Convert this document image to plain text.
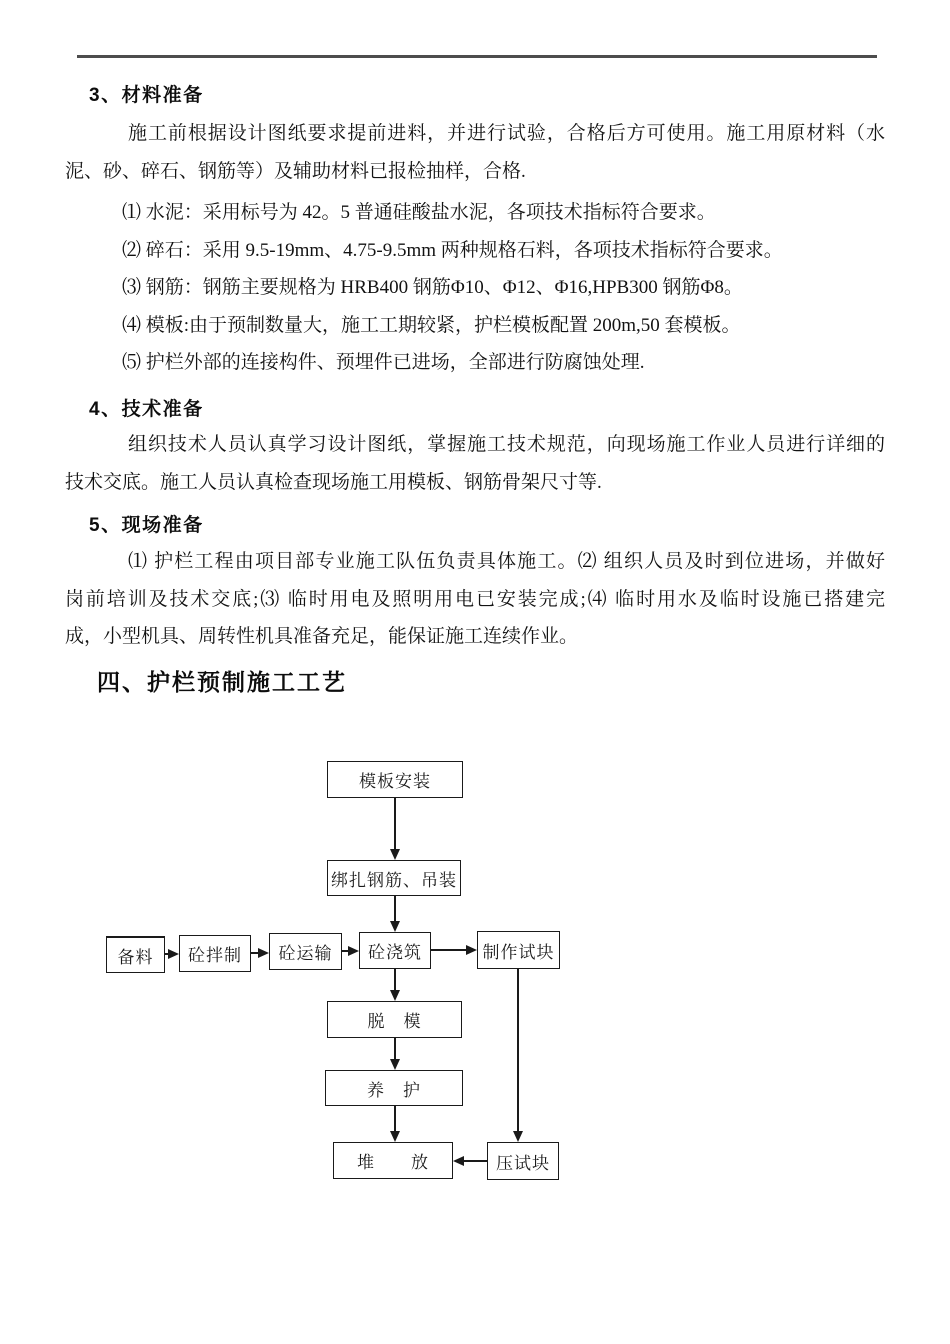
3、材料准备
施工前根据设计图纸要求提前进料，并进行试验，合格后方可使用。施工用原材料（水
泥、砂、碎石、钢筋等）及辅助材料已报检抽样，合格.
⑴ 水泥：采用标号为 42。5 普通硅酸盐水泥，各项技术指标符合要求。
⑵ 碎石：采用 9.5-19mm、4.75-9.5mm 两种规格石料，各项技术指标符合要求。
⑶ 钢筋：钢筋主要规格为 HRB400 钢筋Φ10、Φ12、Φ16,HPB300 钢筋Φ8。
⑷ 模板:由于预制数量大，施工工期较紧，护栏模板配置 200m,50 套模板。
⑸ 护栏外部的连接构件、预埋件已进场，全部进行防腐蚀处理.
4、技术准备
组织技术人员认真学习设计图纸，掌握施工技术规范，向现场施工作业人员进行详细的
技术交底。施工人员认真检查现场施工用模板、钢筋骨架尺寸等.
5、现场准备
⑴ 护栏工程由项目部专业施工队伍负责具体施工。⑵ 组织人员及时到位进场，并做好
岗前培训及技术交底;⑶ 临时用电及照明用电已安装完成;⑷ 临时用水及临时设施已搭建完
成，小型机具、周转性机具准备充足，能保证施工连续作业。
四、护栏预制施工工艺
模板安装
绑扎钢筋、吊装
备料	砼拌制	砼运输	砼浇筑	制作试块
脱　模
养　护
堆　　放	压试块
